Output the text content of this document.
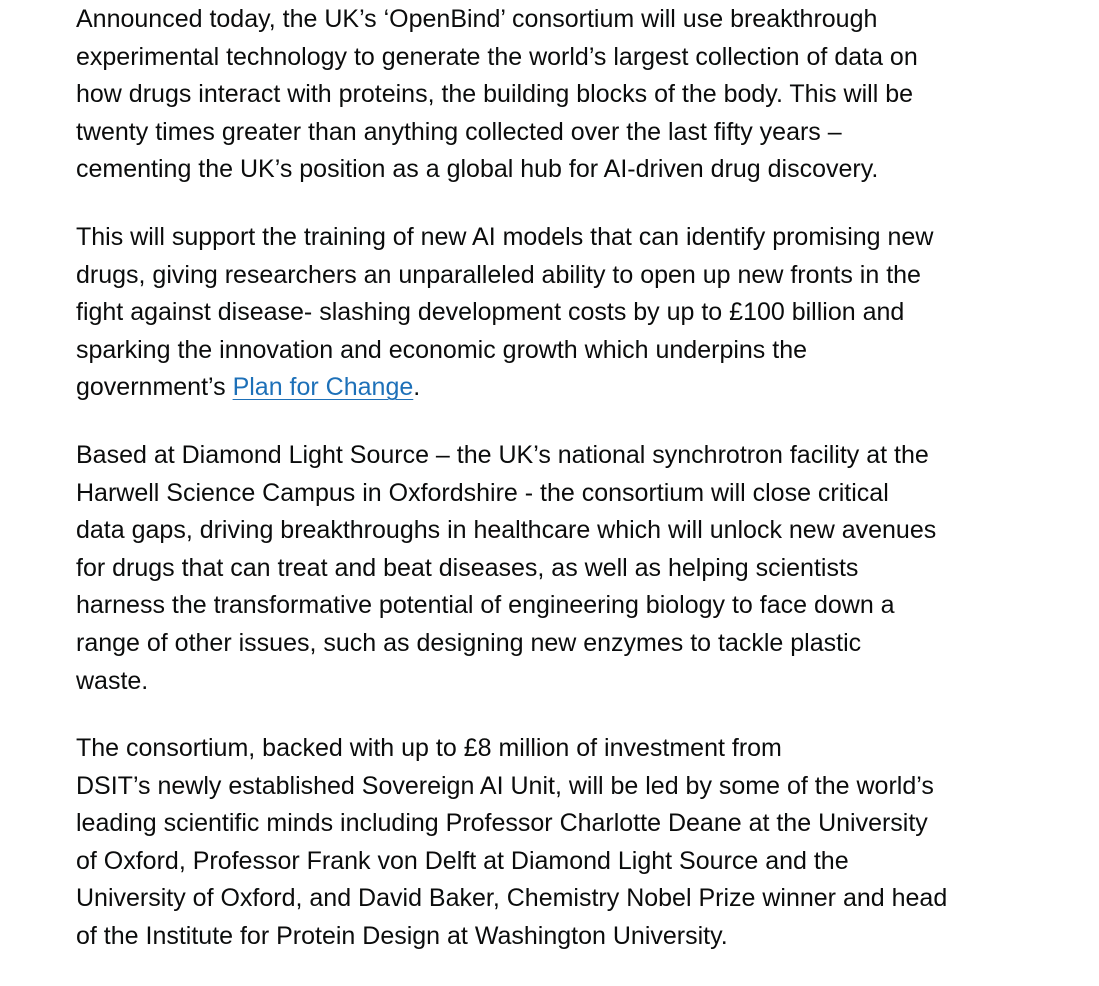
Announced today, the UK’s ‘OpenBind’ consortium will use breakthrough
experimental technology to generate the world’s largest collection of data on
how drugs interact with proteins, the building blocks of the body. This will be
twenty times greater than anything collected over the last fifty years –
cementing the UK’s position as a global hub for AI-driven drug discovery.

This will support the training of new AI models that can identify promising new
drugs, giving researchers an unparalleled ability to open up new fronts in the
fight against disease- slashing development costs by up to £100 billion and
sparking the innovation and economic growth which underpins the
government’s Plan for Change.

Based at Diamond Light Source – the UK’s national synchrotron facility at the
Harwell Science Campus in Oxfordshire - the consortium will close critical
data gaps, driving breakthroughs in healthcare which will unlock new avenues
for drugs that can treat and beat diseases, as well as helping scientists
harness the transformative potential of engineering biology to face down a
range of other issues, such as designing new enzymes to tackle plastic
waste.

The consortium, backed with up to £8 million of investment from
DSIT’s newly established Sovereign AI Unit, will be led by some of the world’s
leading scientific minds including Professor Charlotte Deane at the University
of Oxford, Professor Frank von Delft at Diamond Light Source and the
University of Oxford, and David Baker, Chemistry Nobel Prize winner and head
of the Institute for Protein Design at Washington University.
